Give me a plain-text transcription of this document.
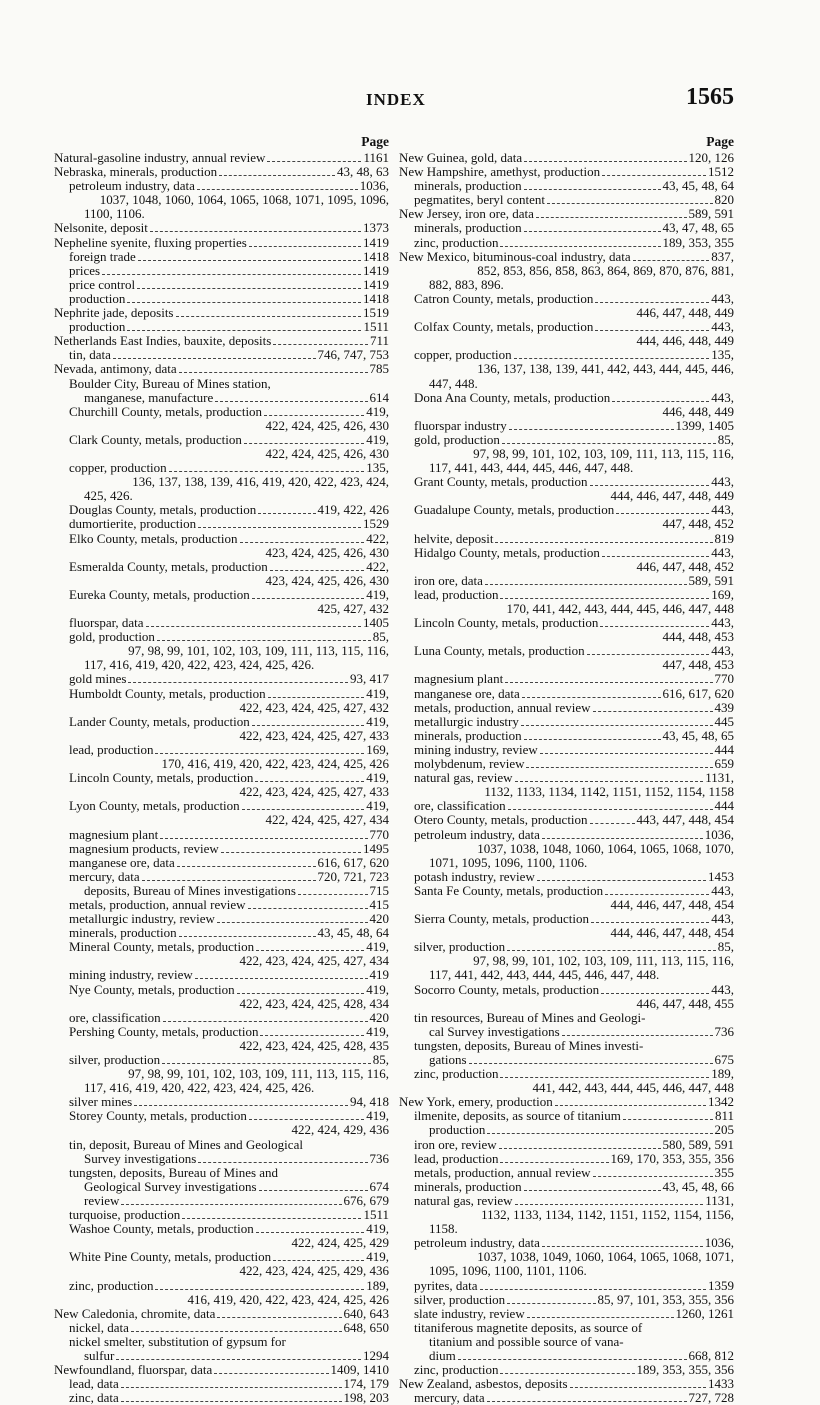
INDEX	1565
Page
Natural-gasoline industry, annual review	1161
Nebraska, minerals, production	43, 48, 63
petroleum industry, data	1036,
1037, 1048, 1060, 1064, 1065, 1068, 1071, 1095, 1096,
1100, 1106.
Nelsonite, deposit	1373
Nepheline syenite, fluxing properties	1419
foreign trade	1418
prices	1419
price control	1419
production	1418
Nephrite jade, deposits	1519
production	1511
Netherlands East Indies, bauxite, deposits	711
tin, data	746, 747, 753
Nevada, antimony, data	785
Boulder City, Bureau of Mines station,
manganese, manufacture	614
Churchill County, metals, production	419,
422, 424, 425, 426, 430
Clark County, metals, production	419,
422, 424, 425, 426, 430
copper, production	135,
136, 137, 138, 139, 416, 419, 420, 422, 423, 424,
425, 426.
Douglas County, metals, production	419, 422, 426
dumortierite, production	1529
Elko County, metals, production	422,
423, 424, 425, 426, 430
Esmeralda County, metals, production	422,
423, 424, 425, 426, 430
Eureka County, metals, production	419,
425, 427, 432
fluorspar, data	1405
gold, production	85,
97, 98, 99, 101, 102, 103, 109, 111, 113, 115, 116,
117, 416, 419, 420, 422, 423, 424, 425, 426.
gold mines	93, 417
Humboldt County, metals, production	419,
422, 423, 424, 425, 427, 432
Lander County, metals, production	419,
422, 423, 424, 425, 427, 433
lead, production	169,
170, 416, 419, 420, 422, 423, 424, 425, 426
Lincoln County, metals, production	419,
422, 423, 424, 425, 427, 433
Lyon County, metals, production	419,
422, 424, 425, 427, 434
magnesium plant	770
magnesium products, review	1495
manganese ore, data	616, 617, 620
mercury, data	720, 721, 723
deposits, Bureau of Mines investigations	715
metals, production, annual review	415
metallurgic industry, review	420
minerals, production	43, 45, 48, 64
Mineral County, metals, production	419,
422, 423, 424, 425, 427, 434
mining industry, review	419
Nye County, metals, production	419,
422, 423, 424, 425, 428, 434
ore, classification	420
Pershing County, metals, production	419,
422, 423, 424, 425, 428, 435
silver, production	85,
97, 98, 99, 101, 102, 103, 109, 111, 113, 115, 116,
117, 416, 419, 420, 422, 423, 424, 425, 426.
silver mines	94, 418
Storey County, metals, production	419,
422, 424, 429, 436
tin, deposit, Bureau of Mines and Geological
Survey investigations	736
tungsten, deposits, Bureau of Mines and
Geological Survey investigations	674
review	676, 679
turquoise, production	1511
Washoe County, metals, production	419,
422, 424, 425, 429
White Pine County, metals, production	419,
422, 423, 424, 425, 429, 436
zinc, production	189,
416, 419, 420, 422, 423, 424, 425, 426
New Caledonia, chromite, data	640, 643
nickel, data	648, 650
nickel smelter, substitution of gypsum for
sulfur	1294
Newfoundland, fluorspar, data	1409, 1410
lead, data	174, 179
zinc, data	198, 203
Page
New Guinea, gold, data	120, 126
New Hampshire, amethyst, production	1512
minerals, production	43, 45, 48, 64
pegmatites, beryl content	820
New Jersey, iron ore, data	589, 591
minerals, production	43, 47, 48, 65
zinc, production	189, 353, 355
New Mexico, bituminous-coal industry, data	837,
852, 853, 856, 858, 863, 864, 869, 870, 876, 881,
882, 883, 896.
Catron County, metals, production	443,
446, 447, 448, 449
Colfax County, metals, production	443,
444, 446, 448, 449
copper, production	135,
136, 137, 138, 139, 441, 442, 443, 444, 445, 446,
447, 448.
Dona Ana County, metals, production	443,
446, 448, 449
fluorspar industry	1399, 1405
gold, production	85,
97, 98, 99, 101, 102, 103, 109, 111, 113, 115, 116,
117, 441, 443, 444, 445, 446, 447, 448.
Grant County, metals, production	443,
444, 446, 447, 448, 449
Guadalupe County, metals, production	443,
447, 448, 452
helvite, deposit	819
Hidalgo County, metals, production	443,
446, 447, 448, 452
iron ore, data	589, 591
lead, production	169,
170, 441, 442, 443, 444, 445, 446, 447, 448
Lincoln County, metals, production	443,
444, 448, 453
Luna County, metals, production	443,
447, 448, 453
magnesium plant	770
manganese ore, data	616, 617, 620
metals, production, annual review	439
metallurgic industry	445
minerals, production	43, 45, 48, 65
mining industry, review	444
molybdenum, review	659
natural gas, review	1131,
1132, 1133, 1134, 1142, 1151, 1152, 1154, 1158
ore, classification	444
Otero County, metals, production	443, 447, 448, 454
petroleum industry, data	1036,
1037, 1038, 1048, 1060, 1064, 1065, 1068, 1070,
1071, 1095, 1096, 1100, 1106.
potash industry, review	1453
Santa Fe County, metals, production	443,
444, 446, 447, 448, 454
Sierra County, metals, production	443,
444, 446, 447, 448, 454
silver, production	85,
97, 98, 99, 101, 102, 103, 109, 111, 113, 115, 116,
117, 441, 442, 443, 444, 445, 446, 447, 448.
Socorro County, metals, production	443,
446, 447, 448, 455
tin resources, Bureau of Mines and Geologi-
cal Survey investigations	736
tungsten, deposits, Bureau of Mines investi-
gations	675
zinc, production	189,
441, 442, 443, 444, 445, 446, 447, 448
New York, emery, production	1342
ilmenite, deposits, as source of titanium	811
production	205
iron ore, review	580, 589, 591
lead, production	169, 170, 353, 355, 356
metals, production, annual review	355
minerals, production	43, 45, 48, 66
natural gas, review	1131,
1132, 1133, 1134, 1142, 1151, 1152, 1154, 1156,
1158.
petroleum industry, data	1036,
1037, 1038, 1049, 1060, 1064, 1065, 1068, 1071,
1095, 1096, 1100, 1101, 1106.
pyrites, data	1359
silver, production	85, 97, 101, 353, 355, 356
slate industry, review	1260, 1261
titaniferous magnetite deposits, as source of
titanium and possible source of vana-
dium	668, 812
zinc, production	189, 353, 355, 356
New Zealand, asbestos, deposits	1433
mercury, data	727, 728
